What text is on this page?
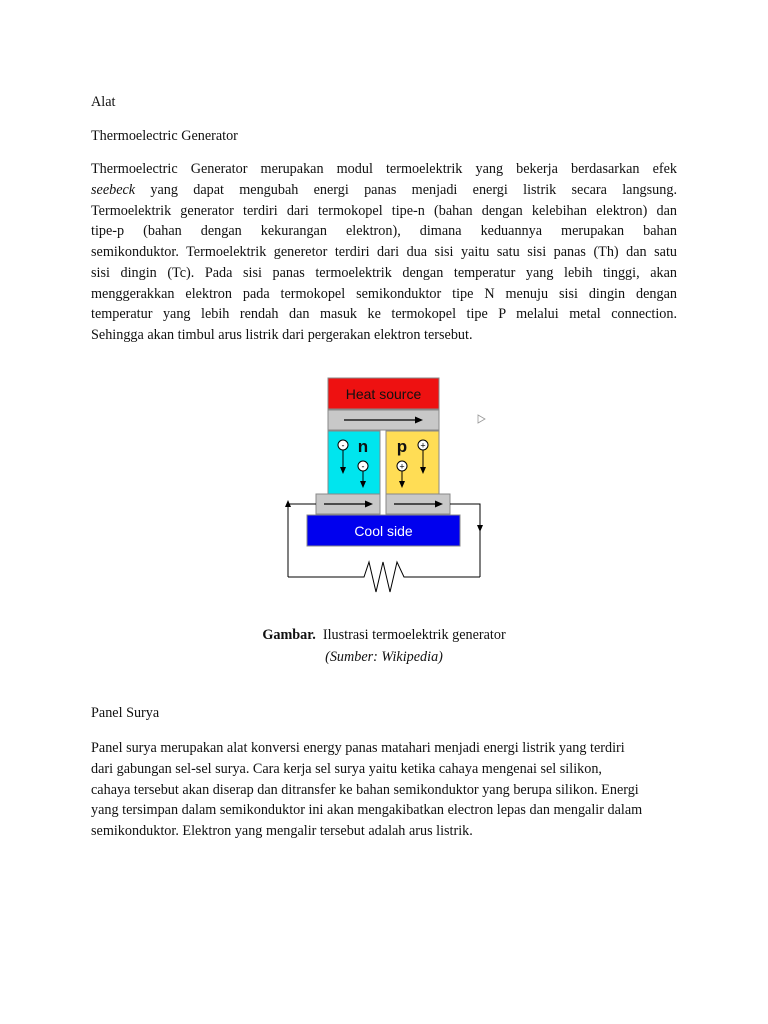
Alat
Thermoelectric Generator
Thermoelectric Generator merupakan modul termoelektrik yang bekerja berdasarkan efek
seebeck yang dapat mengubah energi panas menjadi energi listrik secara langsung.
Termoelektrik generator terdiri dari termokopel tipe-n (bahan dengan kelebihan elektron) dan
tipe-p (bahan dengan kekurangan elektron), dimana keduannya merupakan bahan
semikonduktor. Termoelektrik generetor terdiri dari dua sisi yaitu satu sisi panas (Th) dan satu
sisi dingin (Tc). Pada sisi panas termoelektrik dengan temperatur yang lebih tinggi, akan
menggerakkan elektron pada termokopel semikonduktor tipe N menuju sisi dingin dengan
temperatur yang lebih rendah dan masuk ke termokopel tipe P melalui metal connection.
Sehingga akan timbul arus listrik dari pergerakan elektron tersebut.
Heat source
n p
-
-
+
+
Cool side
Gambar. Ilustrasi termoelektrik generator
(Sumber: Wikipedia)
Panel Surya
Panel surya merupakan alat konversi energy panas matahari menjadi energi listrik yang terdiri
dari gabungan sel-sel surya. Cara kerja sel surya yaitu ketika cahaya mengenai sel silikon,
cahaya tersebut akan diserap dan ditransfer ke bahan semikonduktor yang berupa silikon. Energi
yang tersimpan dalam semikonduktor ini akan mengakibatkan electron lepas dan mengalir dalam
semikonduktor. Elektron yang mengalir tersebut adalah arus listrik.
